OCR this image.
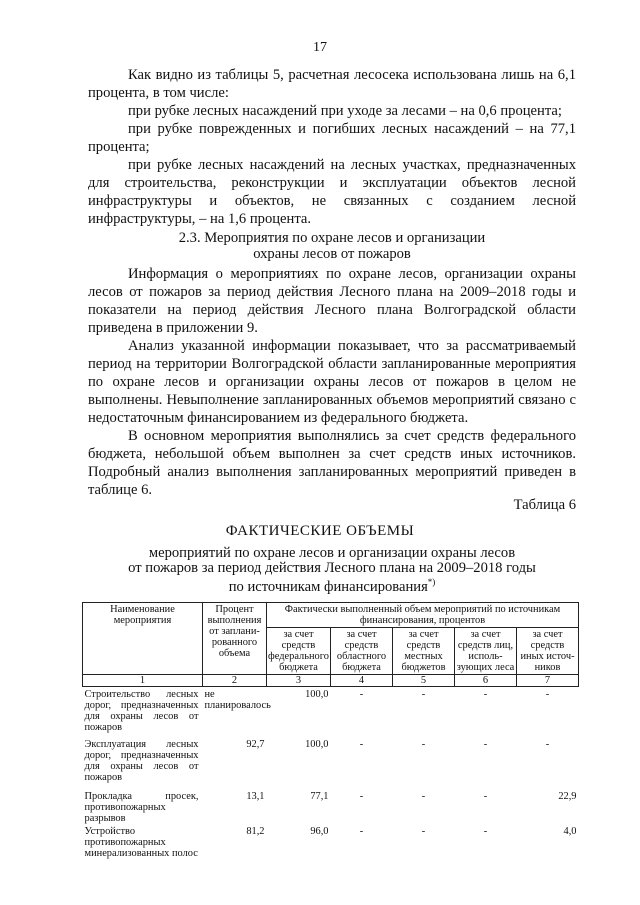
17

Как видно из таблицы 5, расчетная лесосека использована лишь на 6,1 процента, в том числе:

при рубке лесных насаждений при уходе за лесами – на 0,6 процента;

при рубке поврежденных и погибших лесных насаждений – на 77,1 процента;

при рубке лесных насаждений на лесных участках, предназначенных для строительства, реконструкции и эксплуатации объектов лесной инфраструктуры и объектов, не связанных с созданием лесной инфраструктуры, – на 1,6 процента.

2.3. Мероприятия по охране лесов и организации
охраны лесов от пожаров

Информация о мероприятиях по охране лесов, организации охраны лесов от пожаров за период действия Лесного плана на 2009–2018 годы и показатели на период действия Лесного плана Волгоградской области приведена в приложении 9.

Анализ указанной информации показывает, что за рассматриваемый период на территории Волгоградской области запланированные мероприятия по охране лесов и организации охраны лесов от пожаров в целом не выполнены. Невыполнение запланированных объемов мероприятий связано с недостаточным финансированием из федерального бюджета.

В основном мероприятия выполнялись за счет средств федерального бюджета, небольшой объем выполнен за счет средств иных источников. Подробный анализ выполнения запланированных мероприятий приведен в таблице 6.

Таблица 6
ФАКТИЧЕСКИЕ ОБЪЕМЫ
мероприятий по охране лесов и организации охраны лесов
от пожаров за период действия Лесного плана на 2009–2018 годы
по источникам финансирования*)
Наименование мероприятия	Процент выполнения от заплани-рованного объема	Фактически выполненный объем мероприятий по источникам финансирования, процентов				
		за счет средств федерального бюджета	за счет средств областного бюджета	за счет средств местных бюджетов	за счет средств лиц, исполь-зующих леса	за счет средств иных источ-ников
1	2	3	4	5	6	7
Строительство лесных дорог, предназначенных для охраны лесов от пожаров	не планировалось	100,0	-	-	-	-
Эксплуатация лесных дорог, предназначенных для охраны лесов от пожаров	92,7	100,0	-	-	-	-
Прокладка просек, противопожарных разрывов	13,1	77,1	-	-	-	22,9
Устройство противопожарных минерализованных полос	81,2	96,0	-	-	-	4,0
